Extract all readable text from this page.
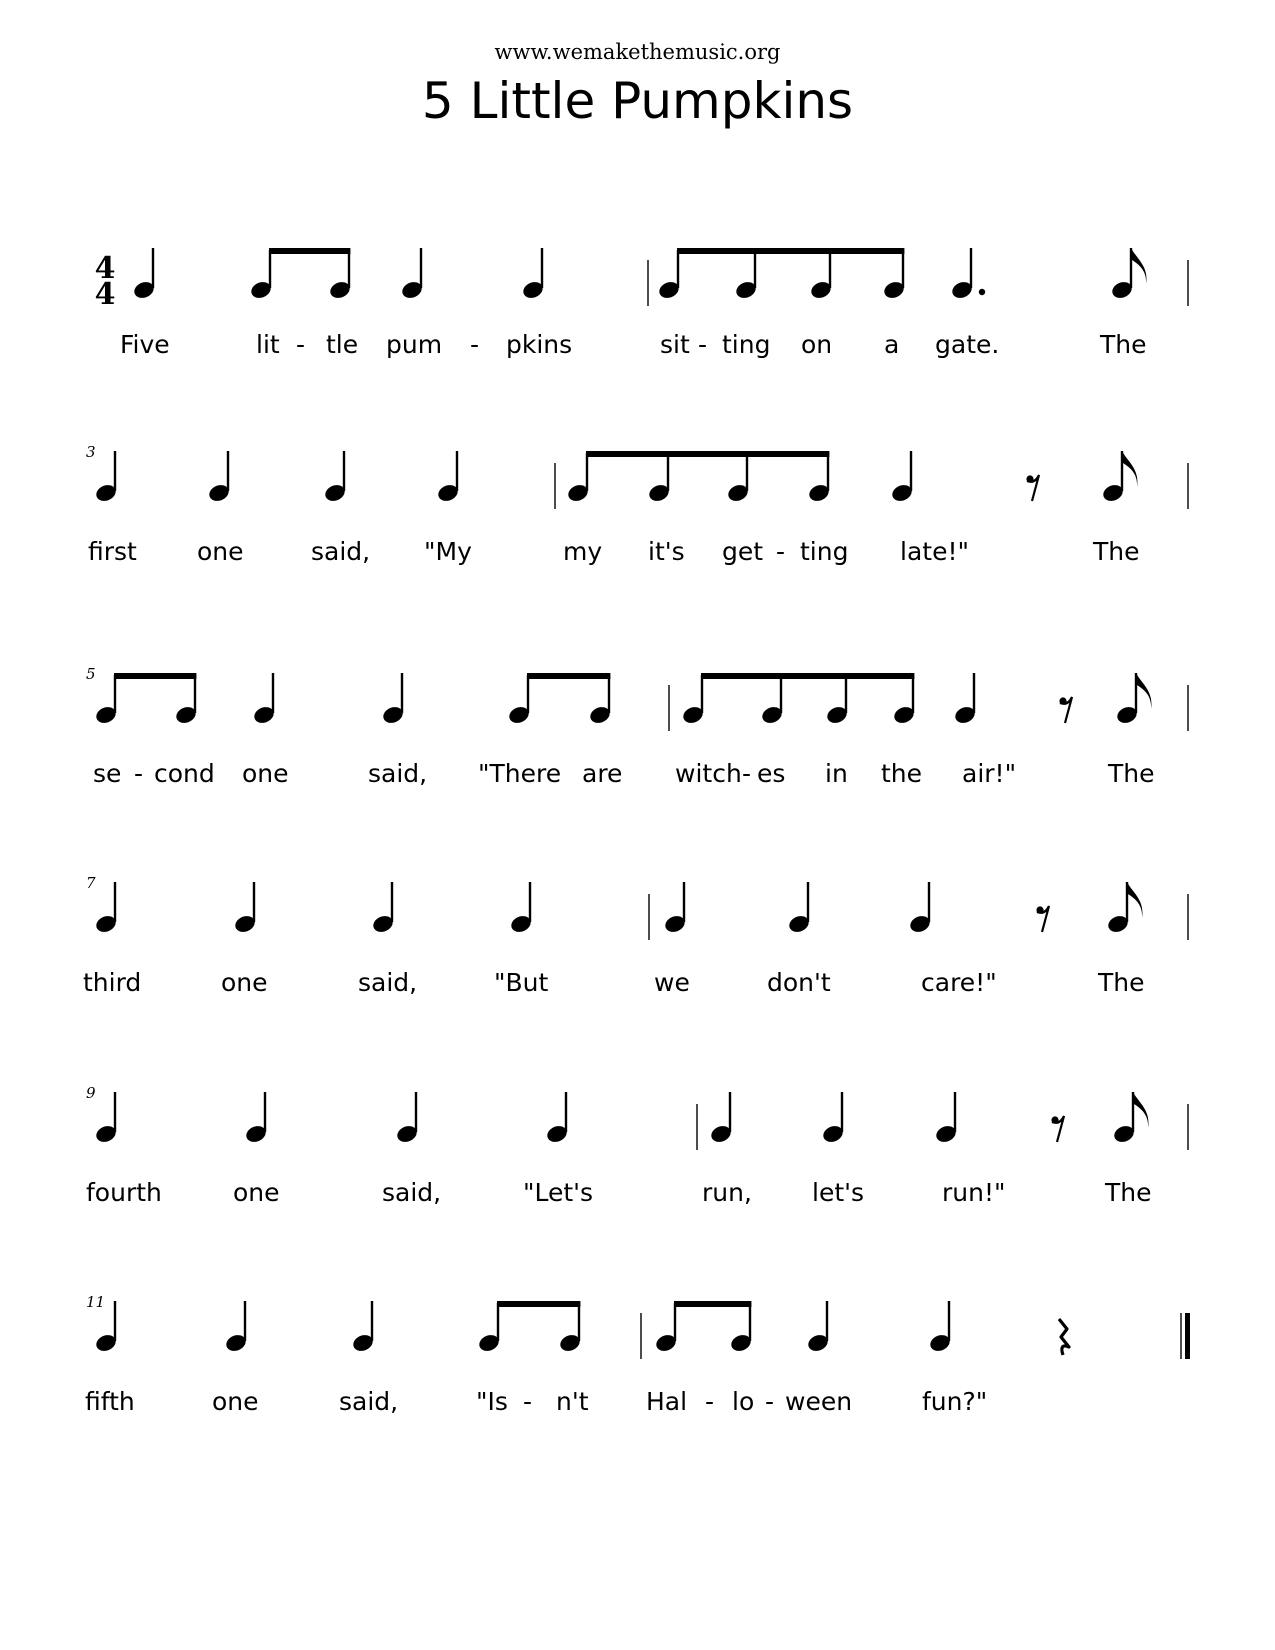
www.wemakethemusic.org
5 Little Pumpkins
4
4
Five	lit - tle pum - pkins	sit - ting on a gate.	The
3
first one	said, "My	my it's get - ting late!"	The
5
se - cond one	said, "There are witch - es in the air!"	The
7
third	one	said,	"But	we	don't	care!"	The
9
fourth	one	said,	"Let's	run, let's	run!"	The
11
fifth	one	said,	"Is - n't Hal - lo - ween	fun?"
